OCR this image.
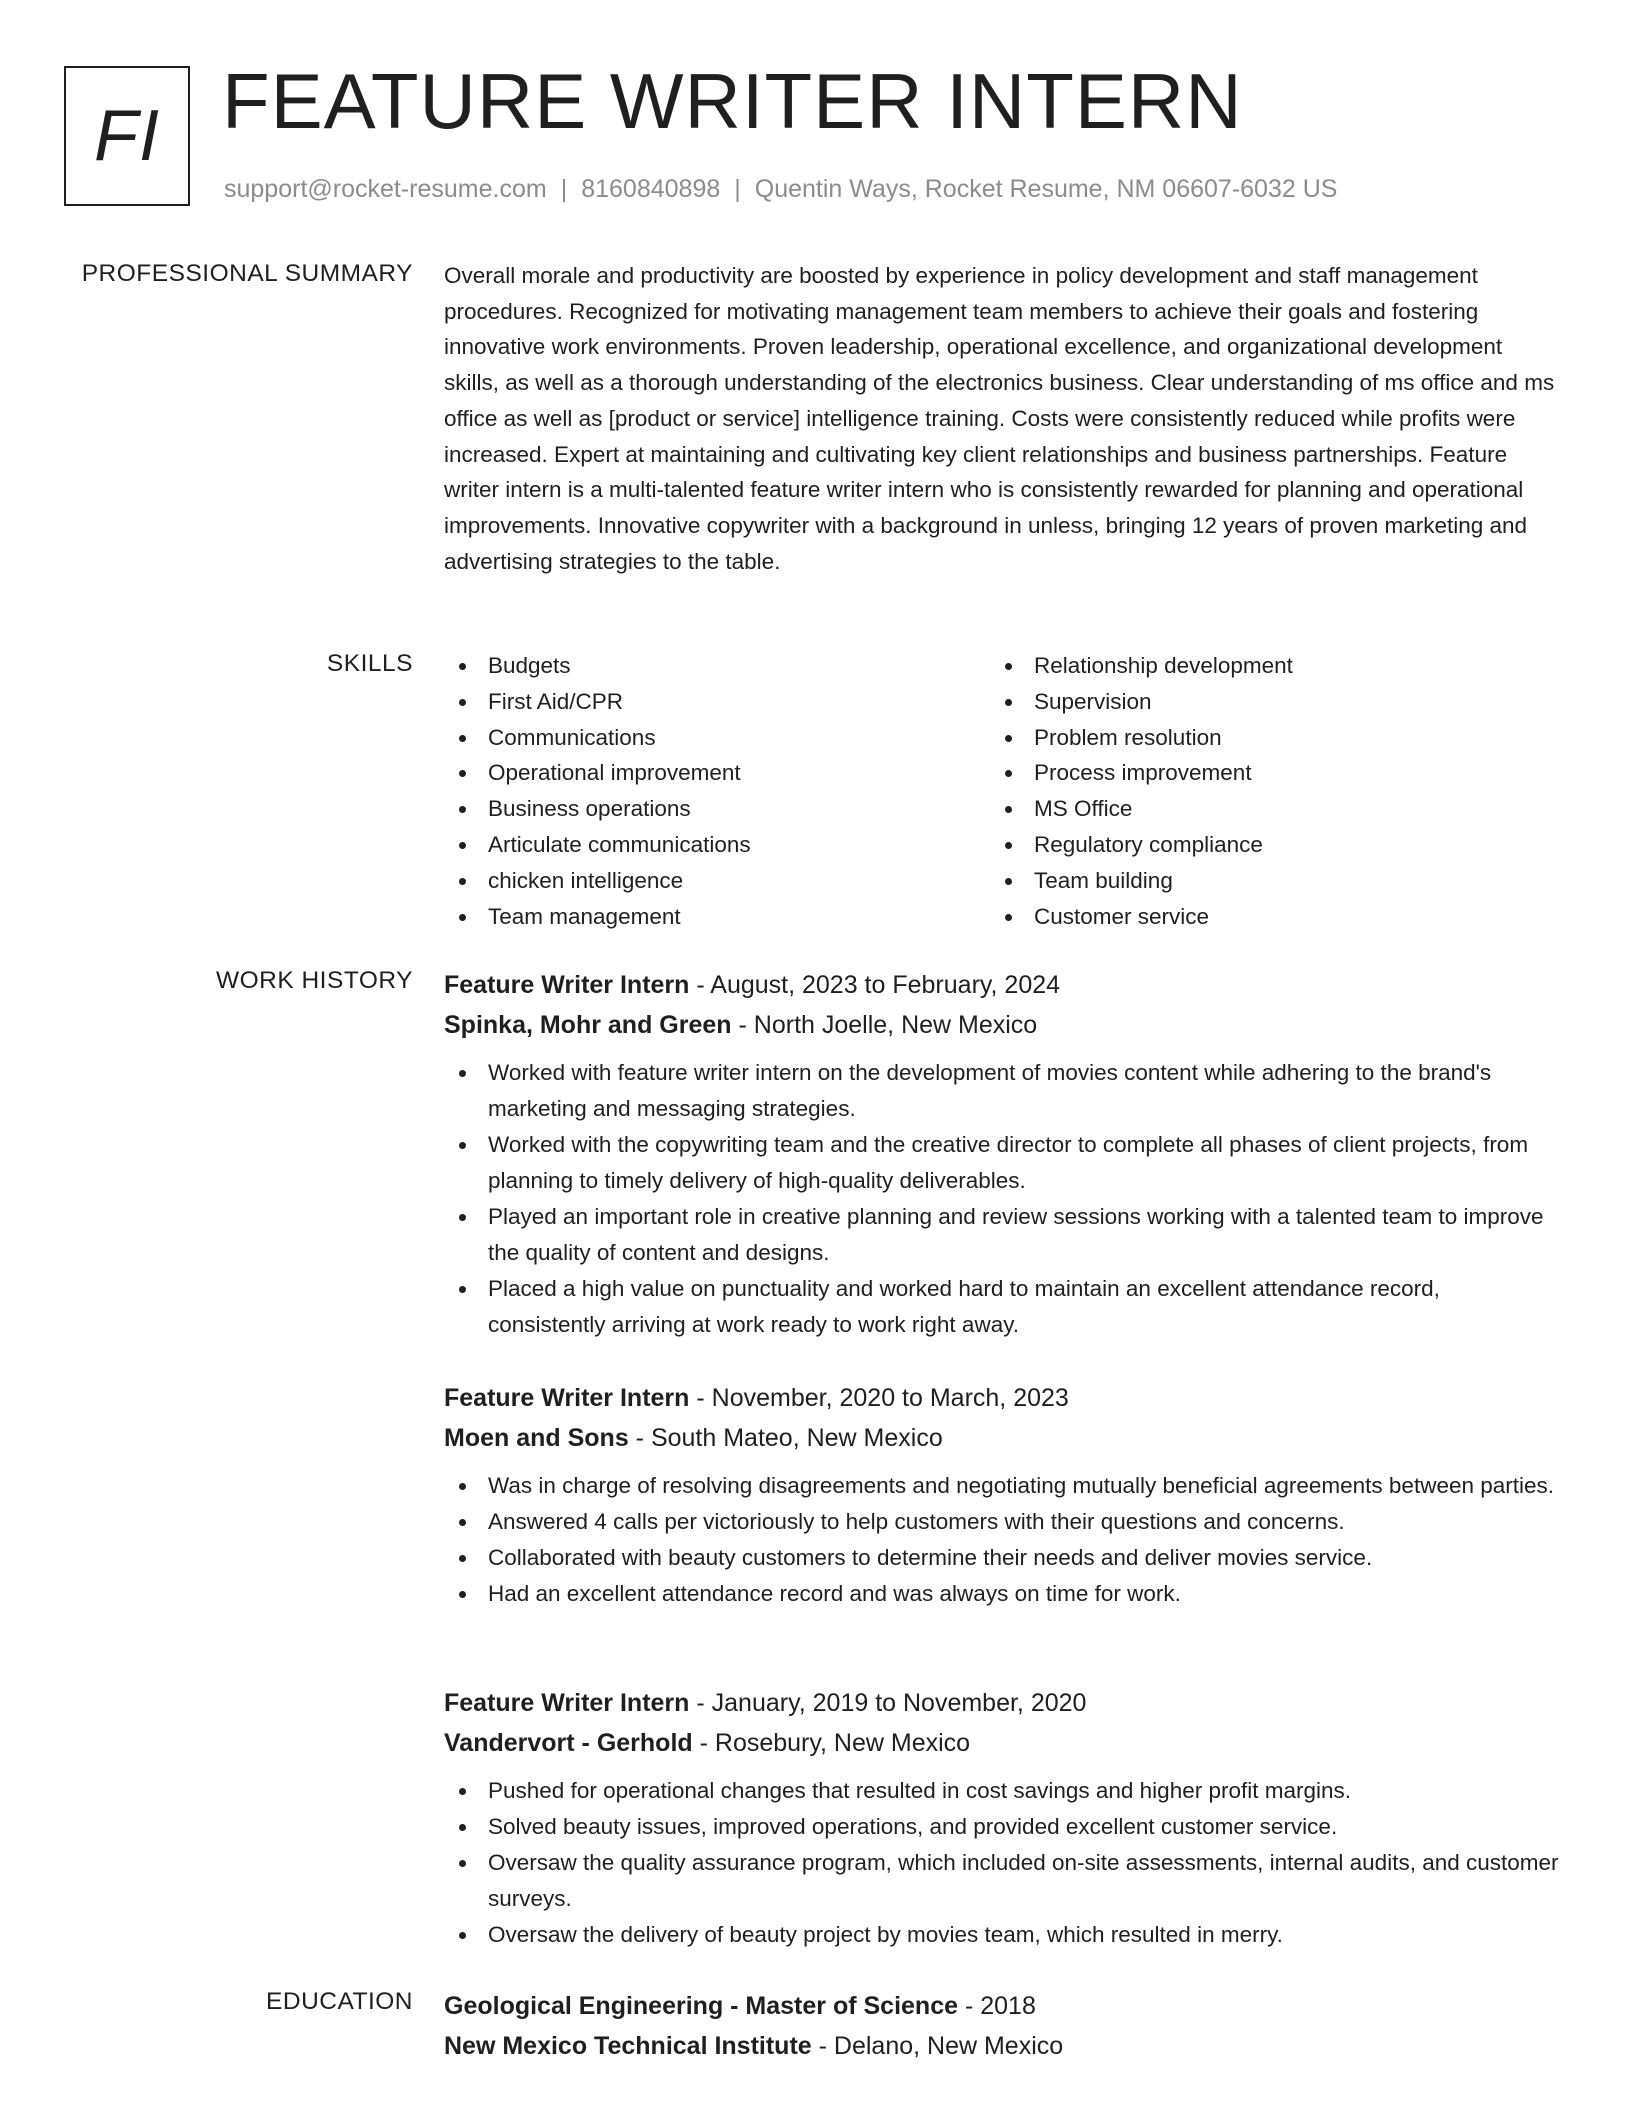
FI FEATURE WRITER INTERN
support@rocket-resume.com | 8160840898 | Quentin Ways, Rocket Resume, NM 06607-6032 US
PROFESSIONAL SUMMARY Overall morale and productivity are boosted by experience in policy development and staff management procedures. Recognized for motivating management team members to achieve their goals and fostering innovative work environments. Proven leadership, operational excellence, and organizational development skills, as well as a thorough understanding of the electronics business. Clear understanding of ms office and ms office as well as [product or service] intelligence training. Costs were consistently reduced while profits were increased. Expert at maintaining and cultivating key client relationships and business partnerships. Feature writer intern is a multi-talented feature writer intern who is consistently rewarded for planning and operational improvements. Innovative copywriter with a background in unless, bringing 12 years of proven marketing and advertising strategies to the table.

SKILLS	Budgets
First Aid/CPR
Communications
Operational improvement
Business operations
Articulate communications
chicken intelligence
Team management
Relationship development
Supervision
Problem resolution
Process improvement
MS Office
Regulatory compliance
Team building
Customer service
WORK HISTORY Feature Writer Intern - August, 2023 to February, 2024
Spinka, Mohr and Green - North Joelle, New Mexico
Worked with feature writer intern on the development of movies content while adhering to the brand's marketing and messaging strategies.
Worked with the copywriting team and the creative director to complete all phases of client projects, from planning to timely delivery of high-quality deliverables.
Played an important role in creative planning and review sessions working with a talented team to improve the quality of content and designs.
Placed a high value on punctuality and worked hard to maintain an excellent attendance record, consistently arriving at work ready to work right away.
Feature Writer Intern - November, 2020 to March, 2023
Moen and Sons - South Mateo, New Mexico
Was in charge of resolving disagreements and negotiating mutually beneficial agreements between parties.
Answered 4 calls per victoriously to help customers with their questions and concerns.
Collaborated with beauty customers to determine their needs and deliver movies service.
Had an excellent attendance record and was always on time for work.
Feature Writer Intern - January, 2019 to November, 2020
Vandervort - Gerhold - Rosebury, New Mexico
Pushed for operational changes that resulted in cost savings and higher profit margins.
Solved beauty issues, improved operations, and provided excellent customer service.
Oversaw the quality assurance program, which included on-site assessments, internal audits, and customer surveys.
Oversaw the delivery of beauty project by movies team, which resulted in merry.
EDUCATION Geological Engineering - Master of Science - 2018
New Mexico Technical Institute - Delano, New Mexico
